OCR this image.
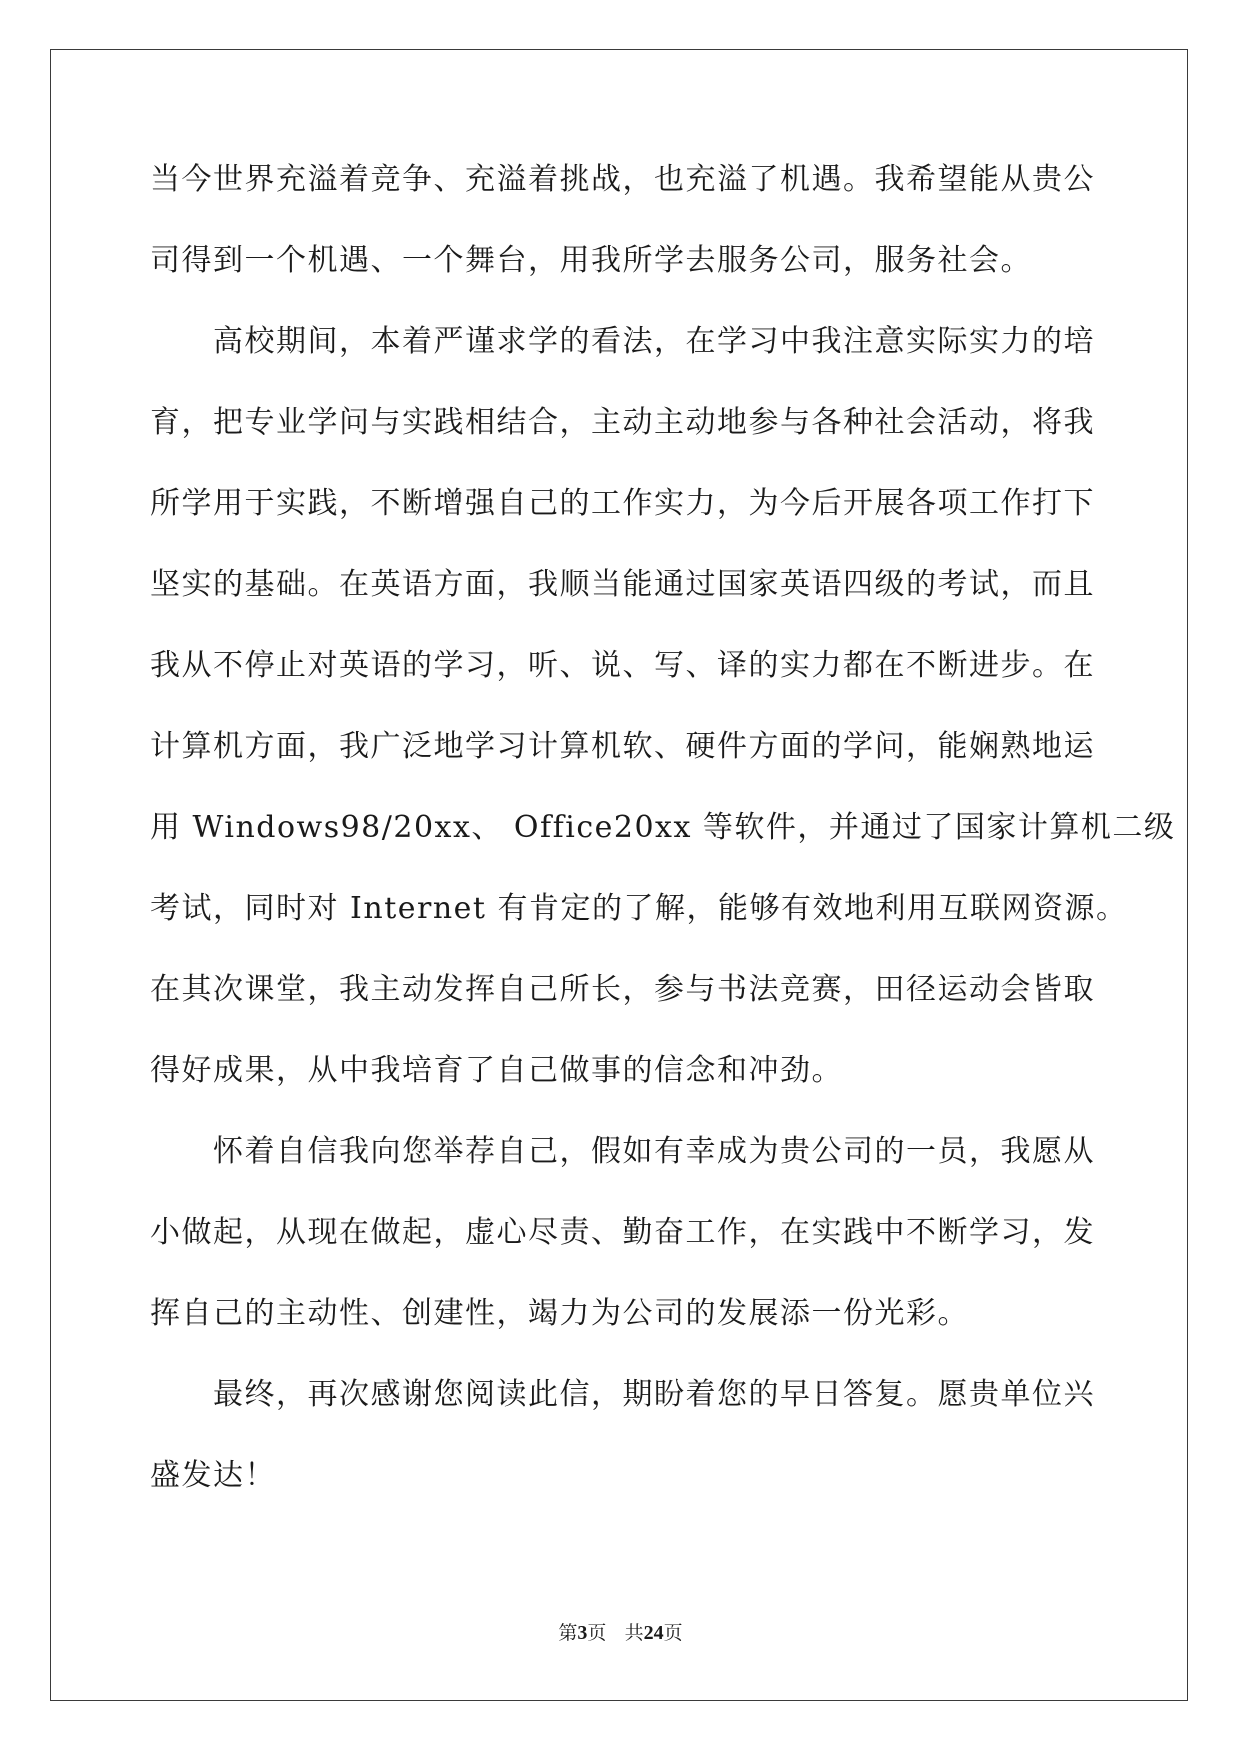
当今世界充溢着竞争、充溢着挑战，也充溢了机遇。我希望能从贵公
司得到一个机遇、一个舞台，用我所学去服务公司，服务社会。
高校期间，本着严谨求学的看法，在学习中我注意实际实力的培
育，把专业学问与实践相结合，主动主动地参与各种社会活动，将我
所学用于实践，不断增强自己的工作实力，为今后开展各项工作打下
坚实的基础。在英语方面，我顺当能通过国家英语四级的考试，而且
我从不停止对英语的学习，听、说、写、译的实力都在不断进步。在
计算机方面，我广泛地学习计算机软、硬件方面的学问，能娴熟地运
用 Windows98/20xx、 Office20xx 等软件，并通过了国家计算机二级
考试，同时对 Internet 有肯定的了解，能够有效地利用互联网资源。
在其次课堂，我主动发挥自己所长，参与书法竞赛，田径运动会皆取
得好成果，从中我培育了自己做事的信念和冲劲。
怀着自信我向您举荐自己，假如有幸成为贵公司的一员，我愿从
小做起，从现在做起，虚心尽责、勤奋工作，在实践中不断学习，发
挥自己的主动性、创建性，竭力为公司的发展添一份光彩。
最终，再次感谢您阅读此信，期盼着您的早日答复。愿贵单位兴
盛发达！
第3页 共24页
